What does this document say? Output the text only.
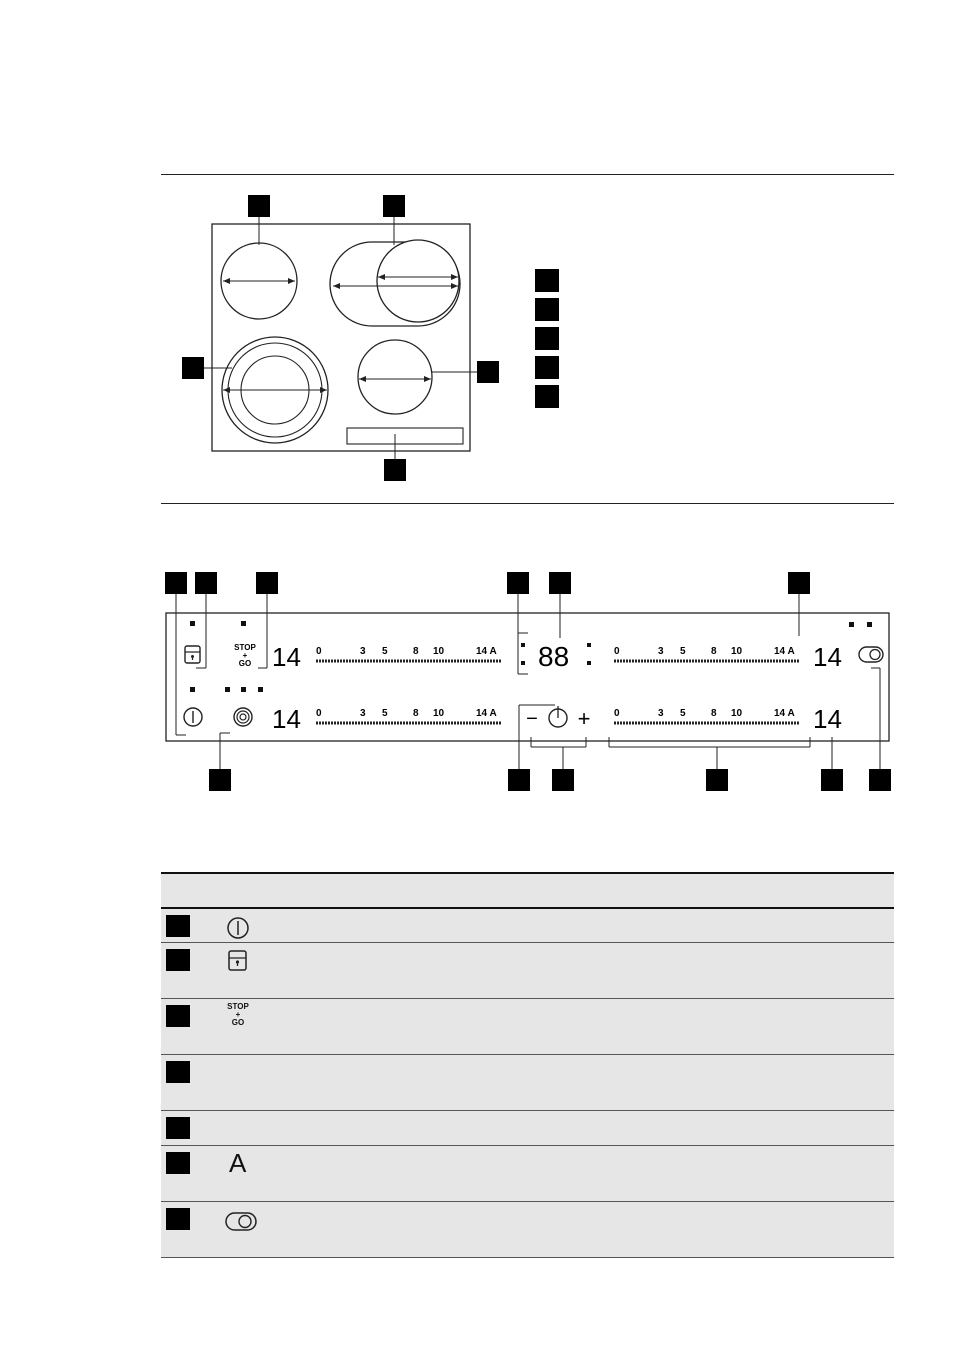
STOP
+
GO
− +
14
14
14
14
88
0	3 5	8 10	14 A
0	3 5	8 10	14 A
0	3 5	8 10	14 A
0	3 5	8 10	14 A
STOP
+
GO
A
